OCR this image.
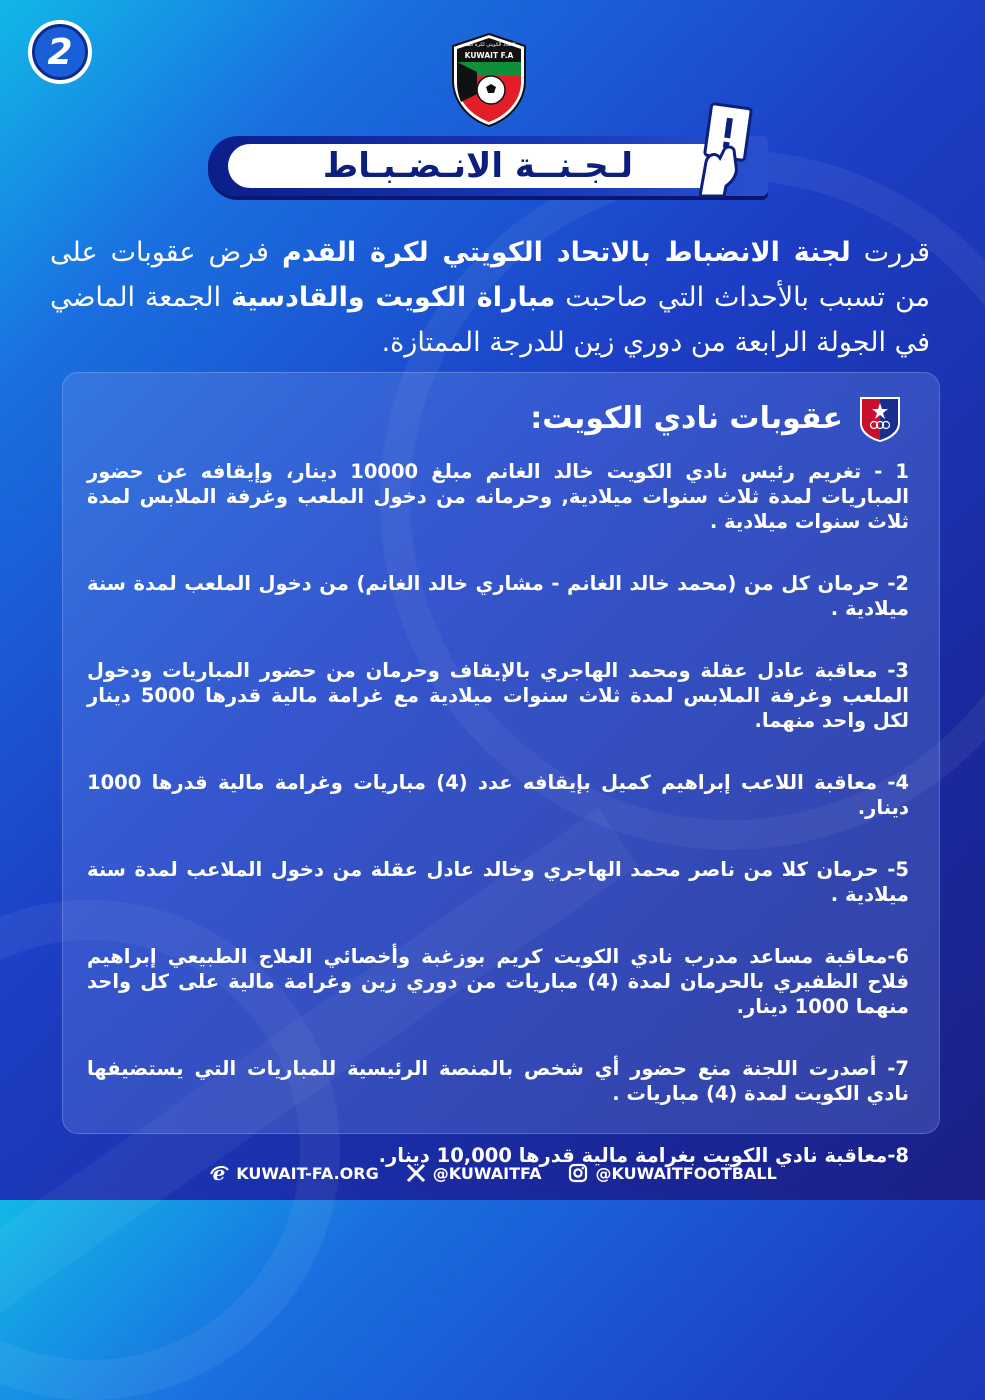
2	KUWAIT F.A
الاتحاد الكويتي لكرة القدم
لـجـنــة الانـضـبـاط
قررت لجنة الانضباط بالاتحاد الكويتي لكرة القدم فرض عقوبات على من تسبب بالأحداث التي صاحبت مباراة الكويت والقادسية الجمعة الماضي في الجولة الرابعة من دوري زين للدرجة الممتازة.
عقوبات نادي الكويت:
1 - تغريم رئيس نادي الكويت خالد الغانم مبلغ 10000 دينار، وإيقافه عن حضور المباريات لمدة ثلاث سنوات ميلادية, وحرمانه من دخول الملعب وغرفة الملابس لمدة ثلاث سنوات ميلادية .
2- حرمان كل من (محمد خالد الغانم - مشاري خالد الغانم) من دخول الملعب لمدة سنة ميلادية .
3- معاقبة عادل عقلة ومحمد الهاجري بالإيقاف وحرمان من حضور المباريات ودخول الملعب وغرفة الملابس لمدة ثلاث سنوات ميلادية مع غرامة مالية قدرها 5000 دينار لكل واحد منهما.
4- معاقبة اللاعب إبراهيم كميل بإيقافه عدد (4) مباريات وغرامة مالية قدرها 1000 دينار.
5- حرمان كلا من ناصر محمد الهاجري وخالد عادل عقلة من دخول الملاعب لمدة سنة ميلادية .
6-معاقبة مساعد مدرب نادي الكويت كريم بوزغبة وأخصائي العلاج الطبيعي إبراهيم فلاح الظفيري بالحرمان لمدة (4) مباريات من دوري زين وغرامة مالية على كل واحد منهما 1000 دينار.
7- أصدرت اللجنة منع حضور أي شخص بالمنصة الرئيسية للمباريات التي يستضيفها نادي الكويت لمدة (4) مباريات .
8-معاقبة نادي الكويت بغرامة مالية قدرها 10,000 دينار.
e KUWAIT-FA.ORG	@KUWAITFA	@KUWAITFOOTBALL
